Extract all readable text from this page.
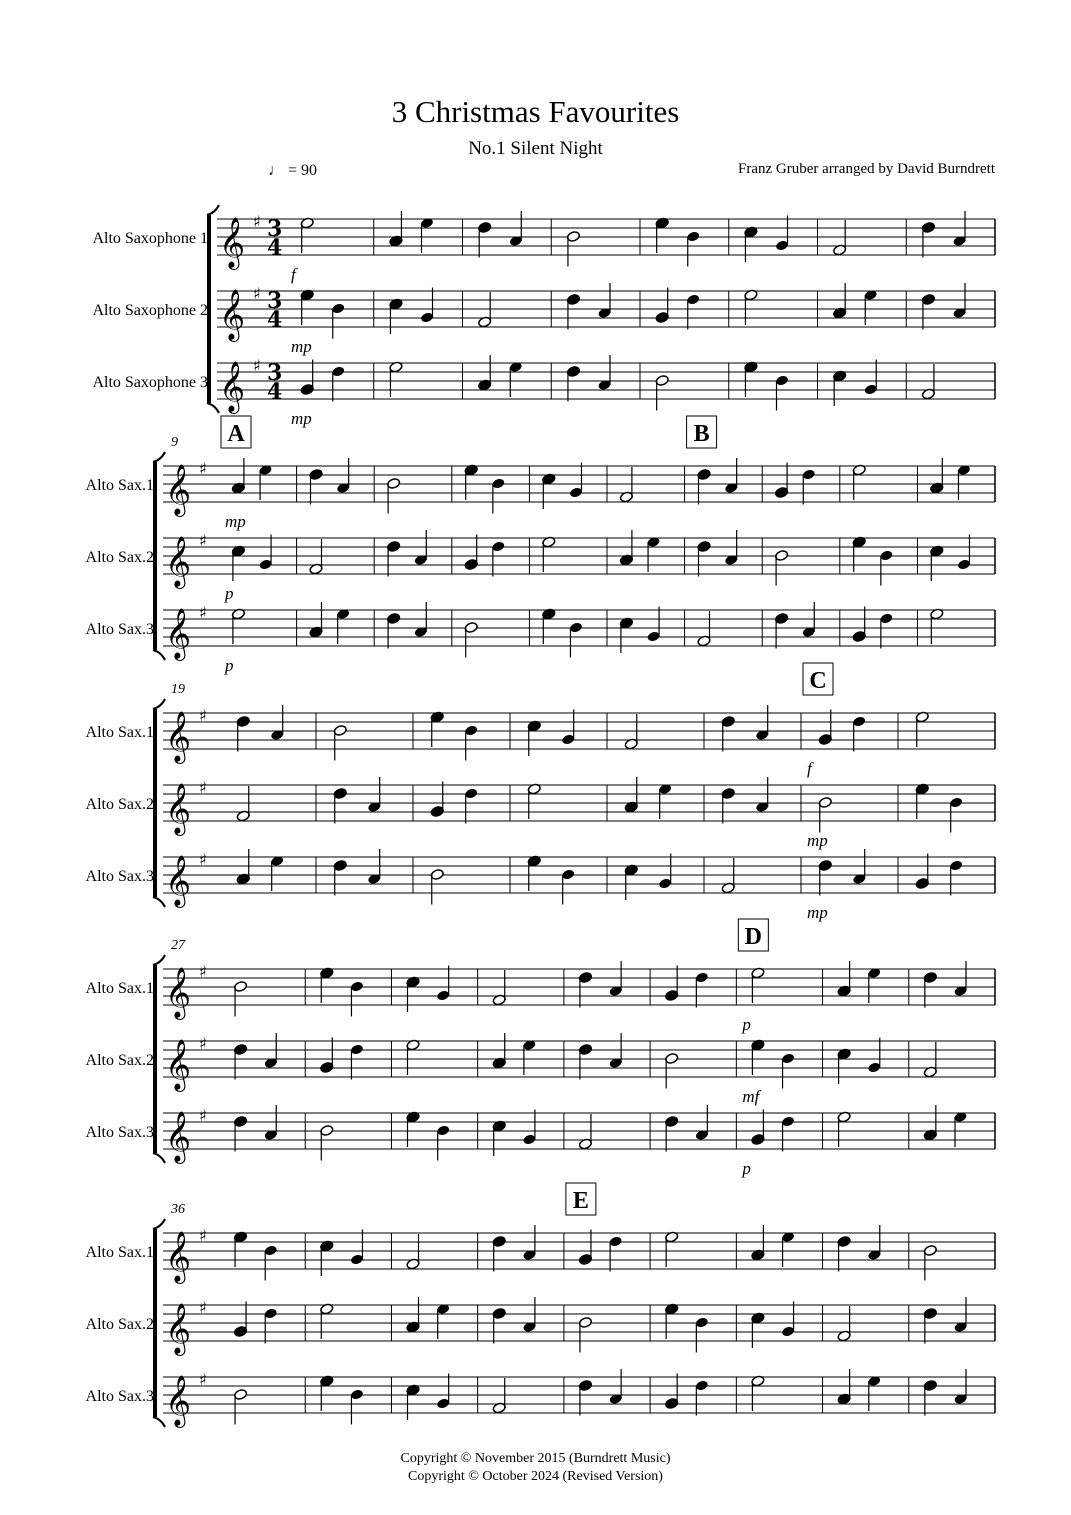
3 Christmas Favourites
No.1 Silent Night
♩ = 90	Franz Gruber arranged by David Burndrett
Alto Saxophone 1 𝄞 ♯ 3
4
Alto Saxophone 2 𝄞 ♯ 3
4
Alto Saxophone 3 𝄞 ♯ 3
4
f
mp
mp
9
Alto Sax.1 𝄞 ♯
Alto Sax.2 𝄞 ♯
Alto Sax.3 𝄞 ♯
A	B
mp
p
p
19
Alto Sax.1 𝄞 ♯
Alto Sax.2 𝄞 ♯
Alto Sax.3 𝄞 ♯
C
f
mp
mp
27
Alto Sax.1 𝄞 ♯
Alto Sax.2 𝄞 ♯
Alto Sax.3 𝄞 ♯
D
p
mf
p
36
Alto Sax.1 𝄞 ♯
Alto Sax.2 𝄞 ♯
Alto Sax.3 𝄞 ♯
E
Copyright © November 2015 (Burndrett Music)
Copyright © October 2024 (Revised Version)
